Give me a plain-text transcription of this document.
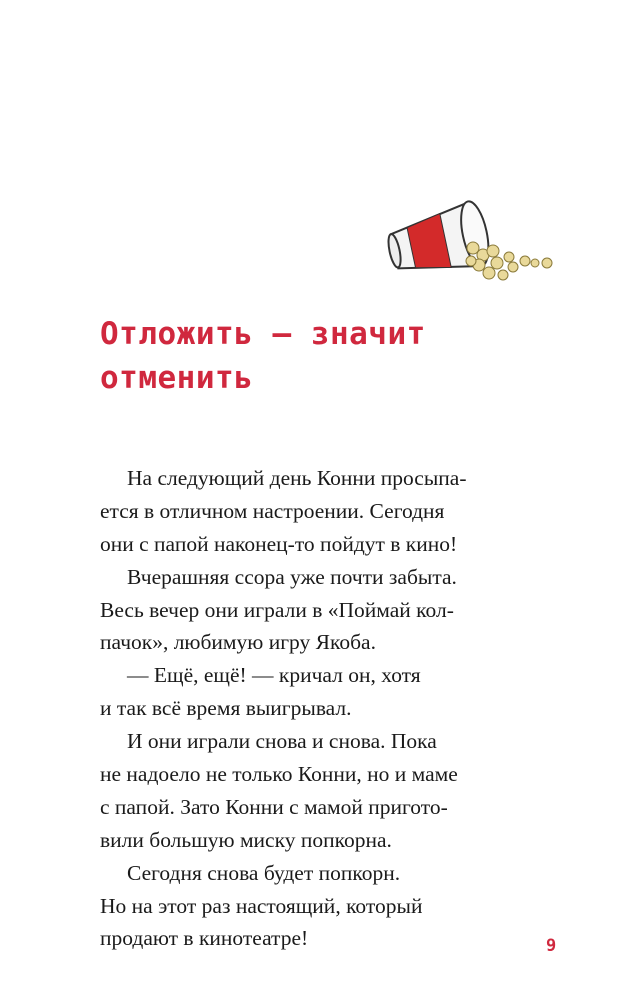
Отложить — значит
отменить
На следующий день Конни просыпа-
ется в отличном настроении. Сегодня
они с папой наконец-то пойдут в кино!
Вчерашняя ссора уже почти забыта.
Весь вечер они играли в «Поймай кол-
пачок», любимую игру Якоба.
— Ещё, ещё! — кричал он, хотя
и так всё время выигрывал.
И они играли снова и снова. Пока
не надоело не только Конни, но и маме
с папой. Зато Конни с мамой пригото-
вили большую миску попкорна.
Сегодня снова будет попкорн.
Но на этот раз настоящий, который
продают в кинотеатре!	9
